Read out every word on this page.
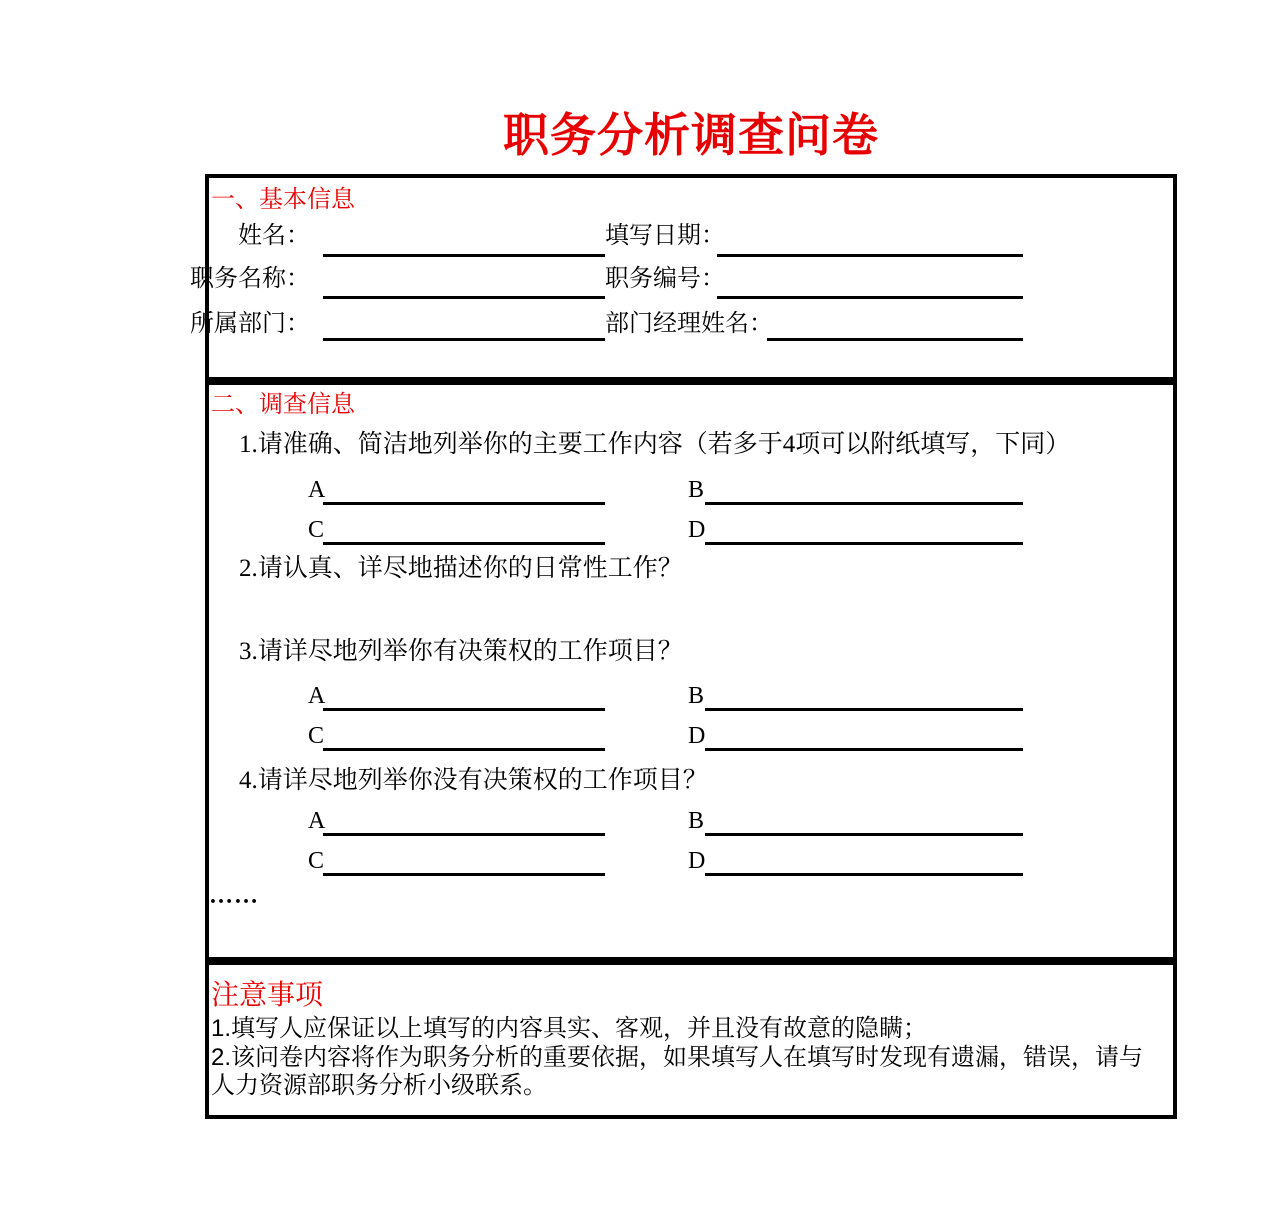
职务分析调查问卷
一、基本信息
姓名：	填写日期：
职务名称：	职务编号：
所属部门：	部门经理姓名：
二、调查信息
1.请准确、简洁地列举你的主要工作内容（若多于4项可以附纸填写，下同）
A	B
C	D
2.请认真、详尽地描述你的日常性工作？
3.请详尽地列举你有决策权的工作项目？
A	B
C	D
4.请详尽地列举你没有决策权的工作项目？
A	B
C	D
……
注意事项
1.填写人应保证以上填写的内容具实、客观，并且没有故意的隐瞒；
2.该问卷内容将作为职务分析的重要依据，如果填写人在填写时发现有遗漏，错误，请与
人力资源部职务分析小级联系。
